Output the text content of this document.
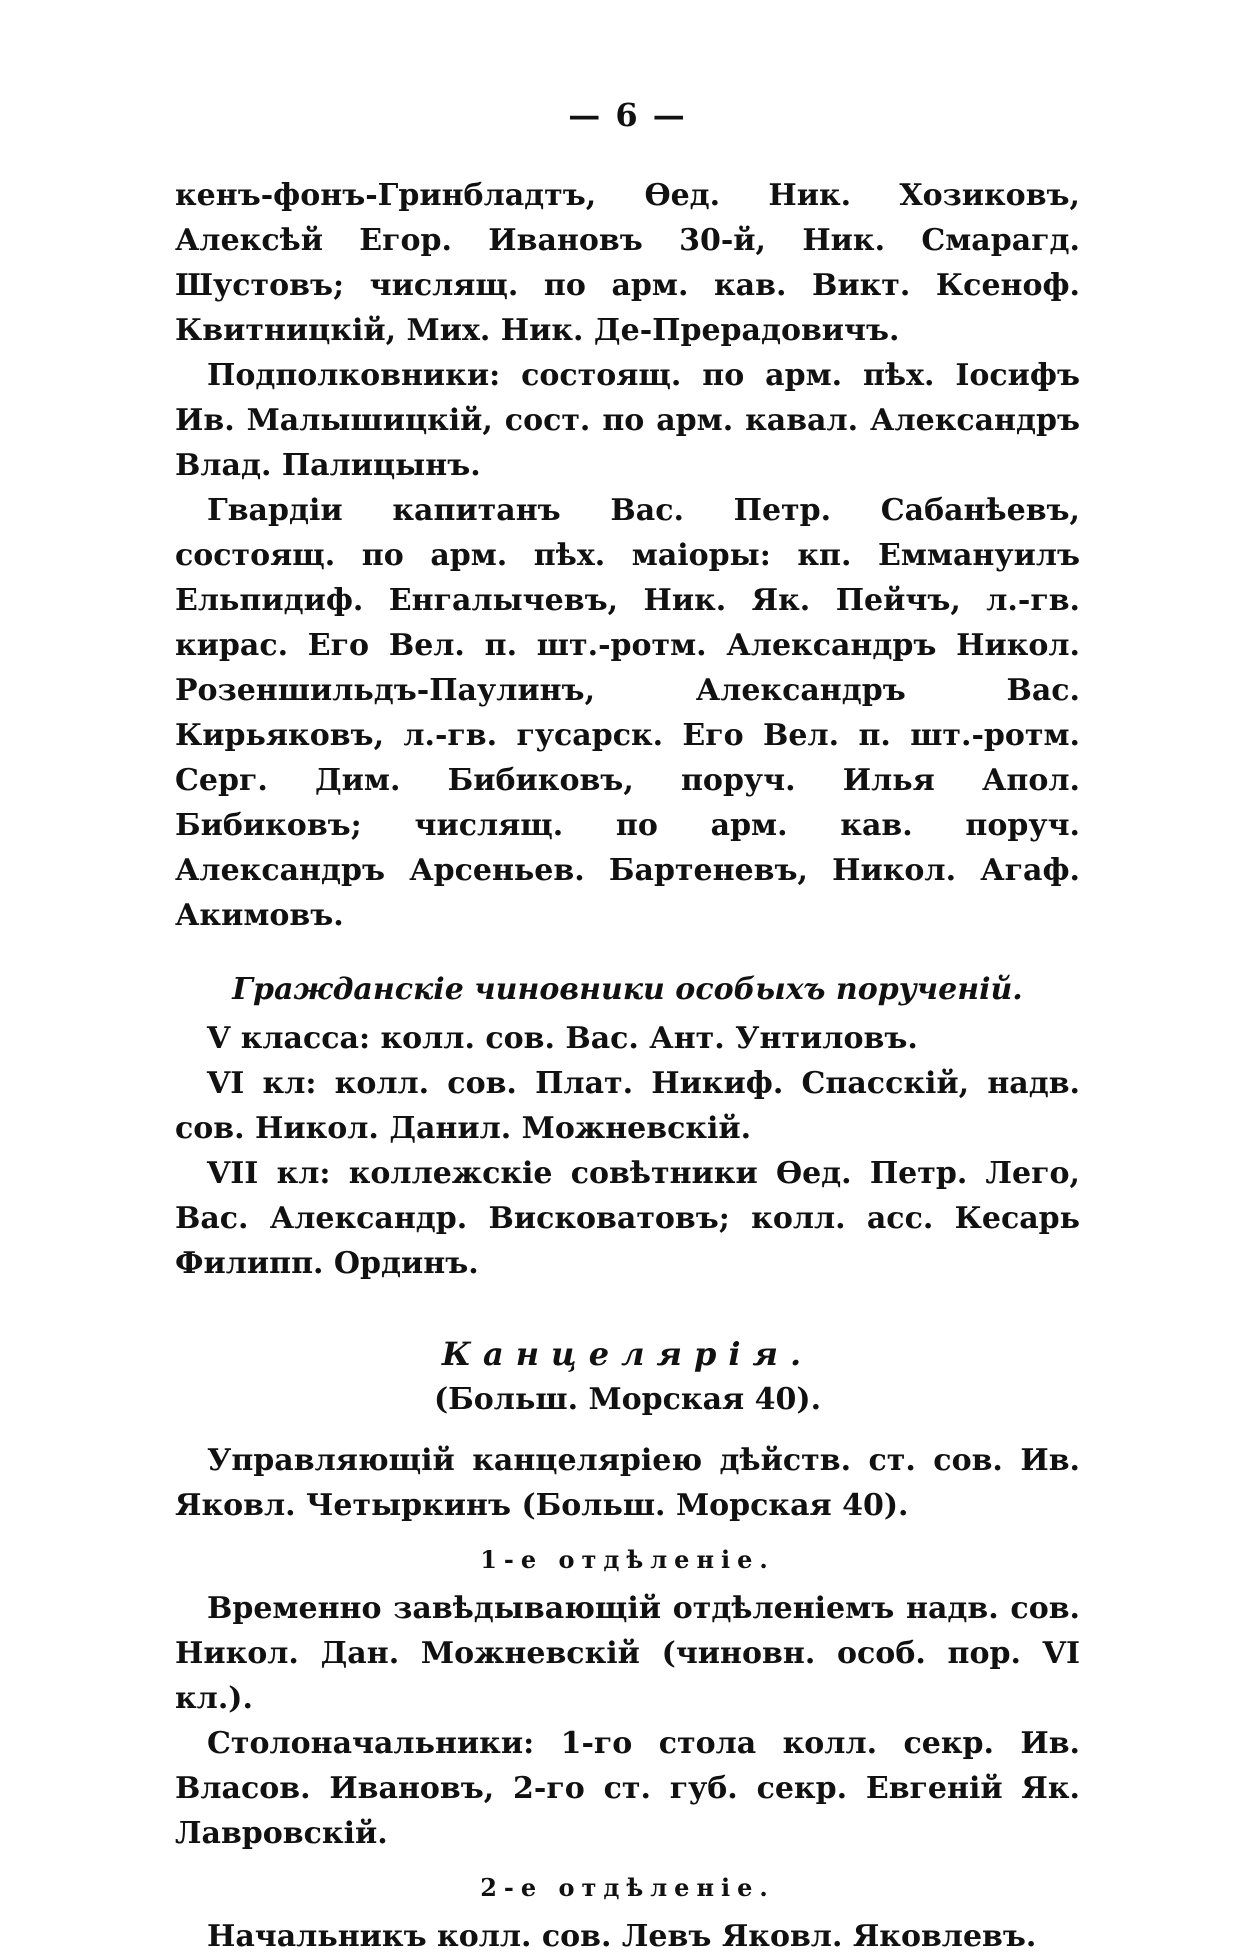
— 6 —

кенъ-фонъ-Гринбладтъ, Ѳед. Ник. Хозиковъ, Алексѣй Егор. Ивановъ 30-й, Ник. Смарагд. Шустовъ; числящ. по арм. кав. Викт. Ксеноф. Квитницкій, Мих. Ник. Де-Прерадовичъ.

Подполковники: состоящ. по арм. пѣх. Іосифъ Ив. Малышицкій, сост. по арм. кавал. Александръ Влад. Палицынъ.

Гвардіи капитанъ Вас. Петр. Сабанѣевъ, состоящ. по арм. пѣх. маіоры: кп. Еммануилъ Ельпидиф. Енгалычевъ, Ник. Як. Пейчъ, л.-гв. кирас. Его Вел. п. шт.-ротм. Александръ Никол. Розеншильдъ-Паулинъ, Александръ Вас. Кирьяковъ, л.-гв. гусарск. Его Вел. п. шт.-ротм. Серг. Дим. Бибиковъ, поруч. Илья Апол. Бибиковъ; числящ. по арм. кав. поруч. Александръ Арсеньев. Бартеневъ, Никол. Агаф. Акимовъ.

Гражданскіе чиновники особыхъ порученій.

V класса: колл. сов. Вас. Ант. Унтиловъ.

VI кл: колл. сов. Плат. Никиф. Спасскій, надв. сов. Никол. Данил. Можневскій.

VII кл: коллежскіе совѣтники Ѳед. Петр. Лего, Вас. Александр. Висковатовъ; колл. асс. Кесарь Филипп. Ординъ.

Канцелярія.
(Больш. Морская 40).

Управляющій канцеляріею дѣйств. ст. сов. Ив. Яковл. Четыркинъ (Больш. Морская 40).

1-е отдѣленіе.

Временно завѣдывающій отдѣленіемъ надв. сов. Никол. Дан. Можневскій (чиновн. особ. пор. VI кл.).

Столоначальники: 1-го стола колл. секр. Ив. Власов. Ивановъ, 2-го ст. губ. секр. Евгеній Як. Лавровскій.

2-е отдѣленіе.

Начальникъ колл. сов. Левъ Яковл. Яковлевъ.
